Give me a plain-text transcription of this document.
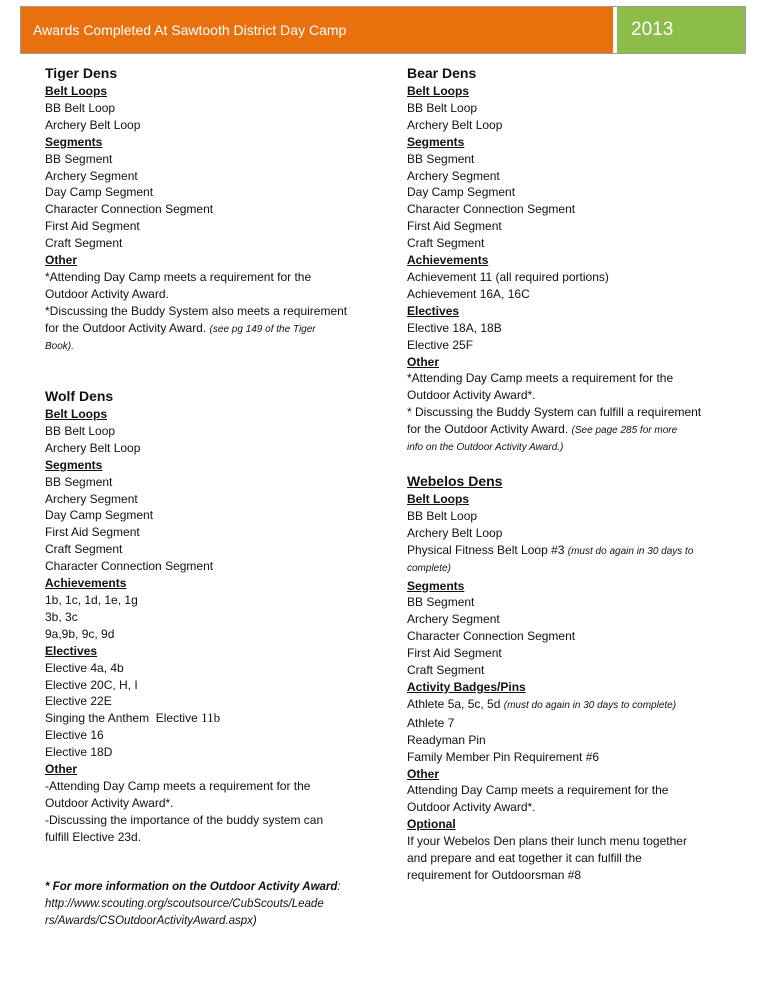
Awards Completed At Sawtooth District Day Camp	2013
Tiger Dens
Belt Loops
BB Belt Loop
Archery Belt Loop
Segments
BB Segment
Archery Segment
Day Camp Segment
Character Connection Segment
First Aid Segment
Craft Segment
Other
*Attending Day Camp meets a requirement for the
Outdoor Activity Award.
*Discussing the Buddy System also meets a requirement
for the Outdoor Activity Award. (see pg 149 of the Tiger
Book).
Wolf Dens
Belt Loops
BB Belt Loop
Archery Belt Loop
Segments
BB Segment
Archery Segment
Day Camp Segment
First Aid Segment
Craft Segment
Character Connection Segment
Achievements
1b, 1c, 1d, 1e, 1g
3b, 3c
9a,9b, 9c, 9d
Electives
Elective 4a, 4b
Elective 20C, H, I
Elective 22E
Singing the Anthem  Elective 11b
Elective 16
Elective 18D
Other
-Attending Day Camp meets a requirement for the
Outdoor Activity Award*.
-Discussing the importance of the buddy system can
fulfill Elective 23d.
* For more information on the Outdoor Activity Award:
http://www.scouting.org/scoutsource/CubScouts/Leade
rs/Awards/CSOutdoorActivityAward.aspx)
Bear Dens
Belt Loops
BB Belt Loop
Archery Belt Loop
Segments
BB Segment
Archery Segment
Day Camp Segment
Character Connection Segment
First Aid Segment
Craft Segment
Achievements
Achievement 11 (all required portions)
Achievement 16A, 16C
Electives
Elective 18A, 18B
Elective 25F
Other
*Attending Day Camp meets a requirement for the
Outdoor Activity Award*.
* Discussing the Buddy System can fulfill a requirement
for the Outdoor Activity Award. (See page 285 for more
info on the Outdoor Activity Award.)
Webelos Dens
Belt Loops
BB Belt Loop
Archery Belt Loop
Physical Fitness Belt Loop #3 (must do again in 30 days to
complete)
Segments
BB Segment
Archery Segment
Character Connection Segment
First Aid Segment
Craft Segment
Activity Badges/Pins
Athlete 5a, 5c, 5d (must do again in 30 days to complete)
Athlete 7
Readyman Pin
Family Member Pin Requirement #6
Other
Attending Day Camp meets a requirement for the
Outdoor Activity Award*.
Optional
If your Webelos Den plans their lunch menu together
and prepare and eat together it can fulfill the
requirement for Outdoorsman #8
